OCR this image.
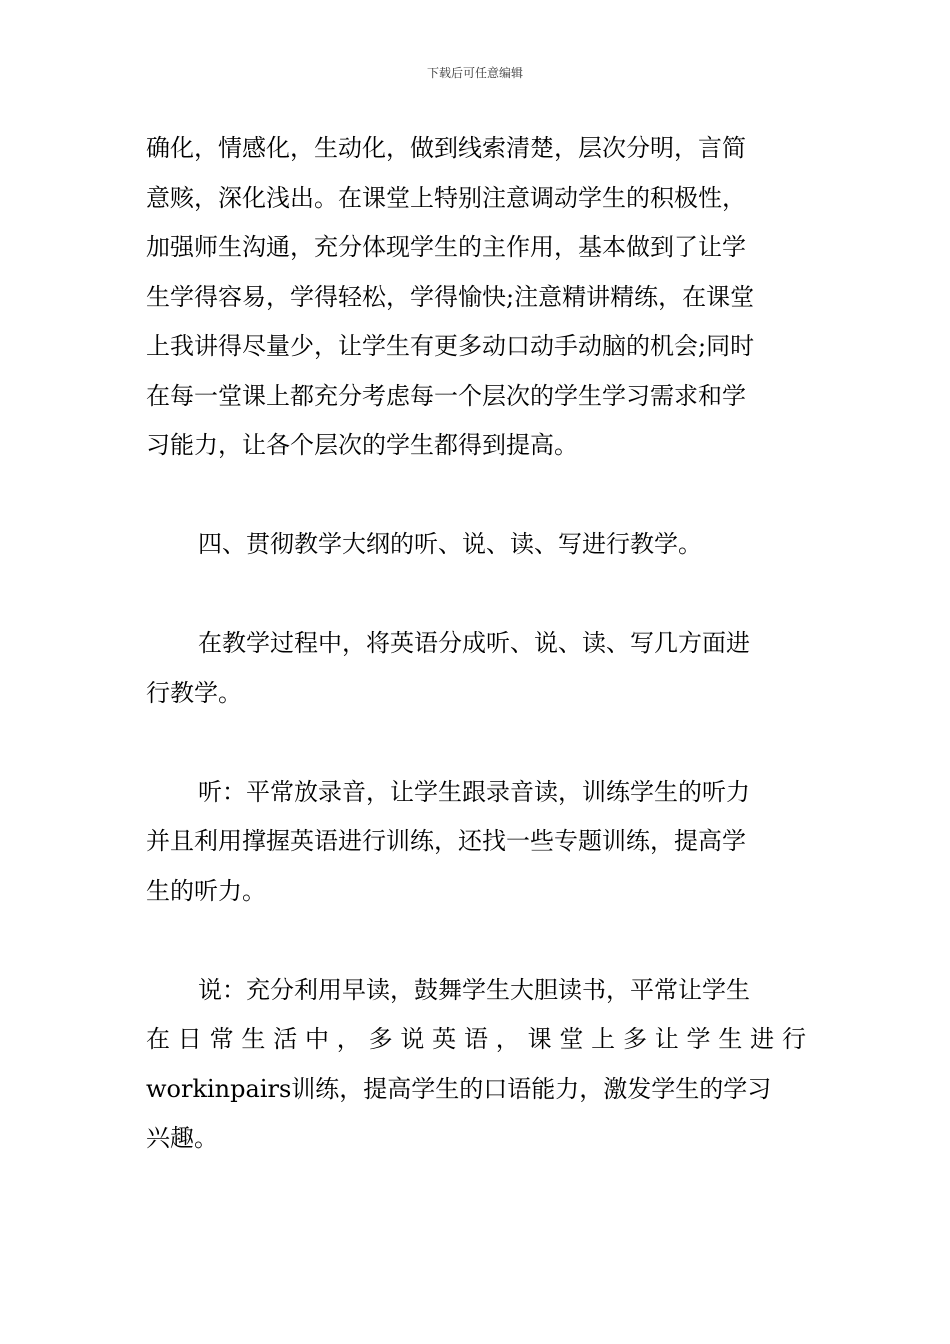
下载后可任意编辑
确化，情感化，生动化，做到线索清楚，层次分明，言简
意赅，深化浅出。在课堂上特别注意调动学生的积极性，
加强师生沟通，充分体现学生的主作用，基本做到了让学
生学得容易，学得轻松，学得愉快;注意精讲精练，在课堂
上我讲得尽量少，让学生有更多动口动手动脑的机会;同时
在每一堂课上都充分考虑每一个层次的学生学习需求和学
习能力，让各个层次的学生都得到提高。
四、贯彻教学大纲的听、说、读、写进行教学。
在教学过程中，将英语分成听、说、读、写几方面进
行教学。
听：平常放录音，让学生跟录音读，训练学生的听力
并且利用撑握英语进行训练，还找一些专题训练，提高学
生的听力。
说：充分利用早读，鼓舞学生大胆读书，平常让学生
在 日 常 生 活 中 ， 多 说 英 语 ， 课 堂 上 多 让 学 生 进 行
workinpairs训练，提高学生的口语能力，激发学生的学习
兴趣。
